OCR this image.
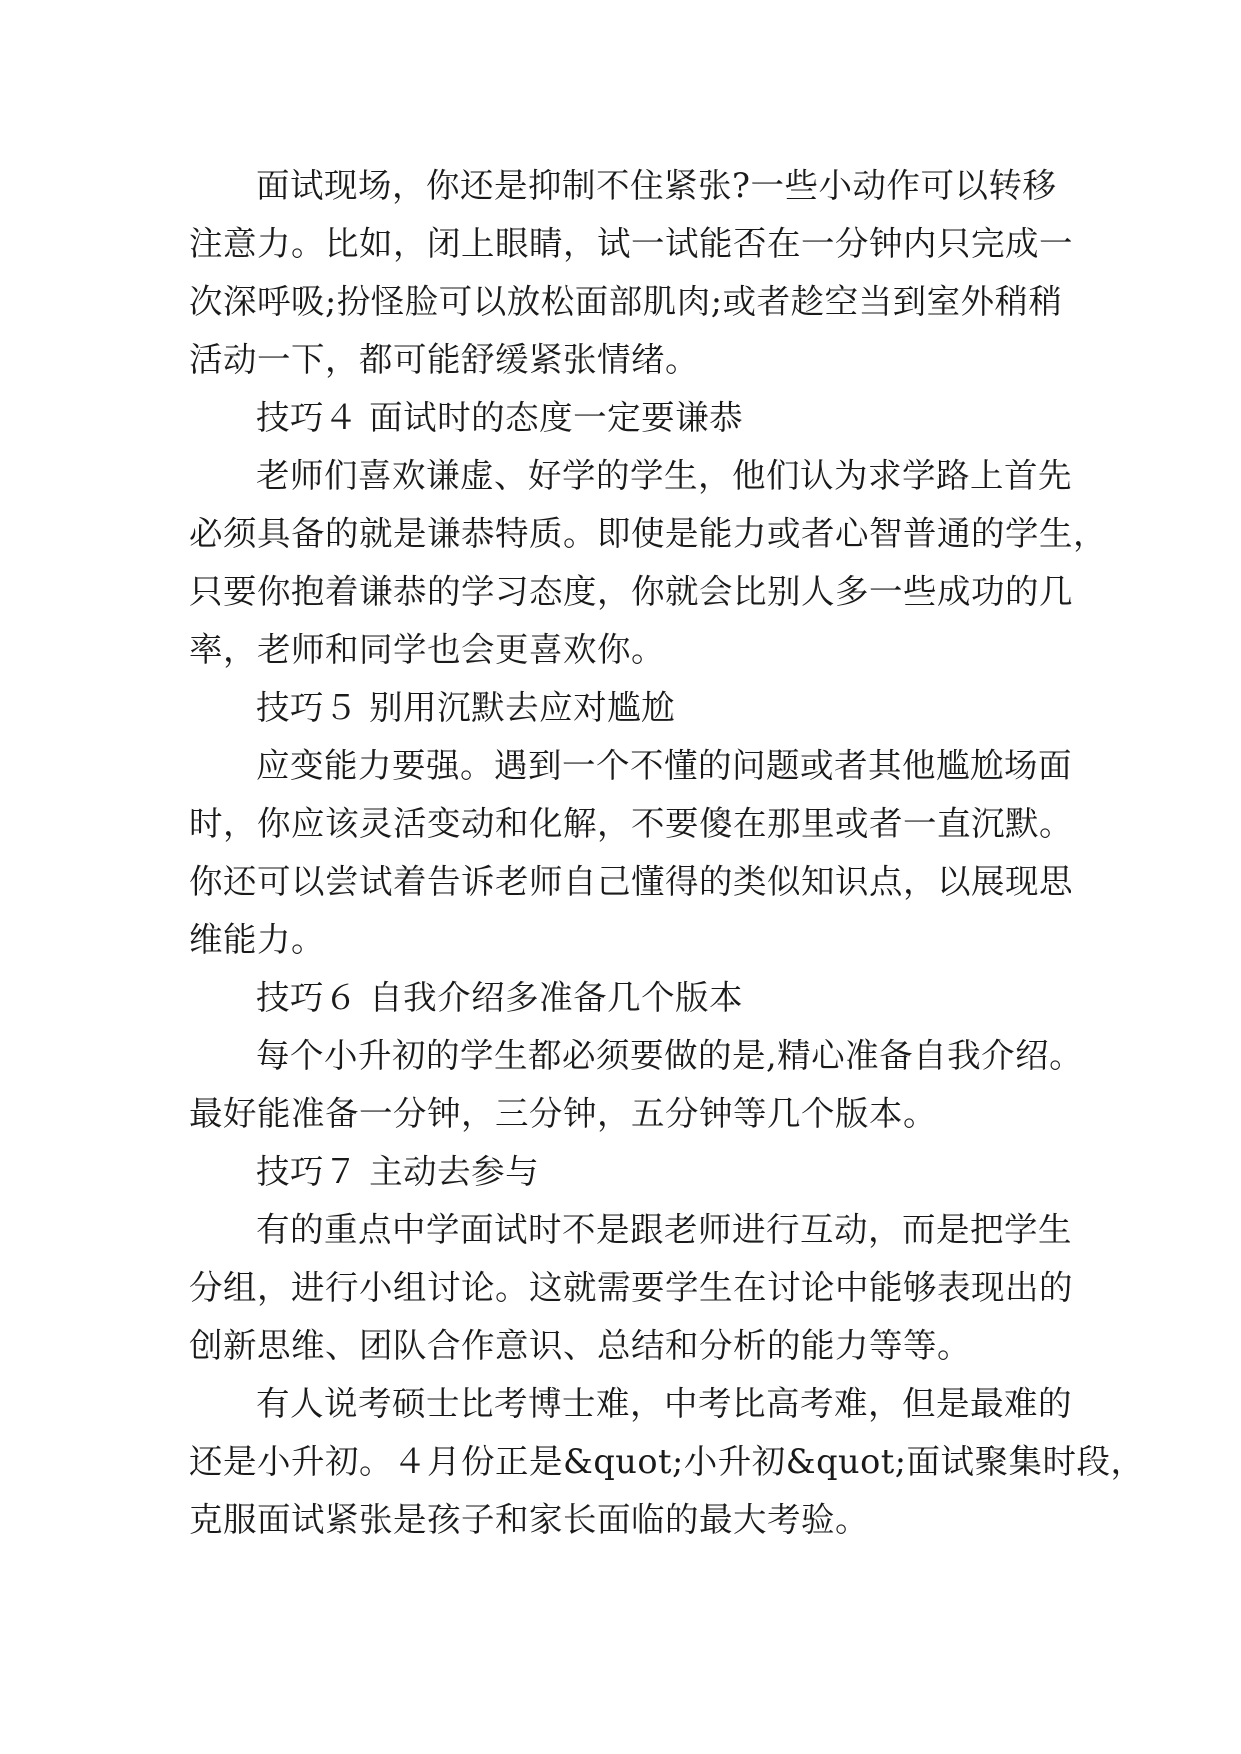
面试现场，你还是抑制不住紧张?一些小动作可以转移
注意力。比如，闭上眼睛，试一试能否在一分钟内只完成一
次深呼吸;扮怪脸可以放松面部肌肉;或者趁空当到室外稍稍
活动一下，都可能舒缓紧张情绪。
技巧４ 面试时的态度一定要谦恭
老师们喜欢谦虚、好学的学生，他们认为求学路上首先
必须具备的就是谦恭特质。即使是能力或者心智普通的学生，
只要你抱着谦恭的学习态度，你就会比别人多一些成功的几
率，老师和同学也会更喜欢你。
技巧５ 别用沉默去应对尴尬
应变能力要强。遇到一个不懂的问题或者其他尴尬场面
时，你应该灵活变动和化解，不要傻在那里或者一直沉默。
你还可以尝试着告诉老师自己懂得的类似知识点，以展现思
维能力。
技巧６ 自我介绍多准备几个版本
每个小升初的学生都必须要做的是,精心准备自我介绍。
最好能准备一分钟，三分钟，五分钟等几个版本。
技巧７ 主动去参与
有的重点中学面试时不是跟老师进行互动，而是把学生
分组，进行小组讨论。这就需要学生在讨论中能够表现出的
创新思维、团队合作意识、总结和分析的能力等等。
有人说考硕士比考博士难，中考比高考难，但是最难的
还是小升初。４月份正是&quot;小升初&quot;面试聚集时段，
克服面试紧张是孩子和家长面临的最大考验。
